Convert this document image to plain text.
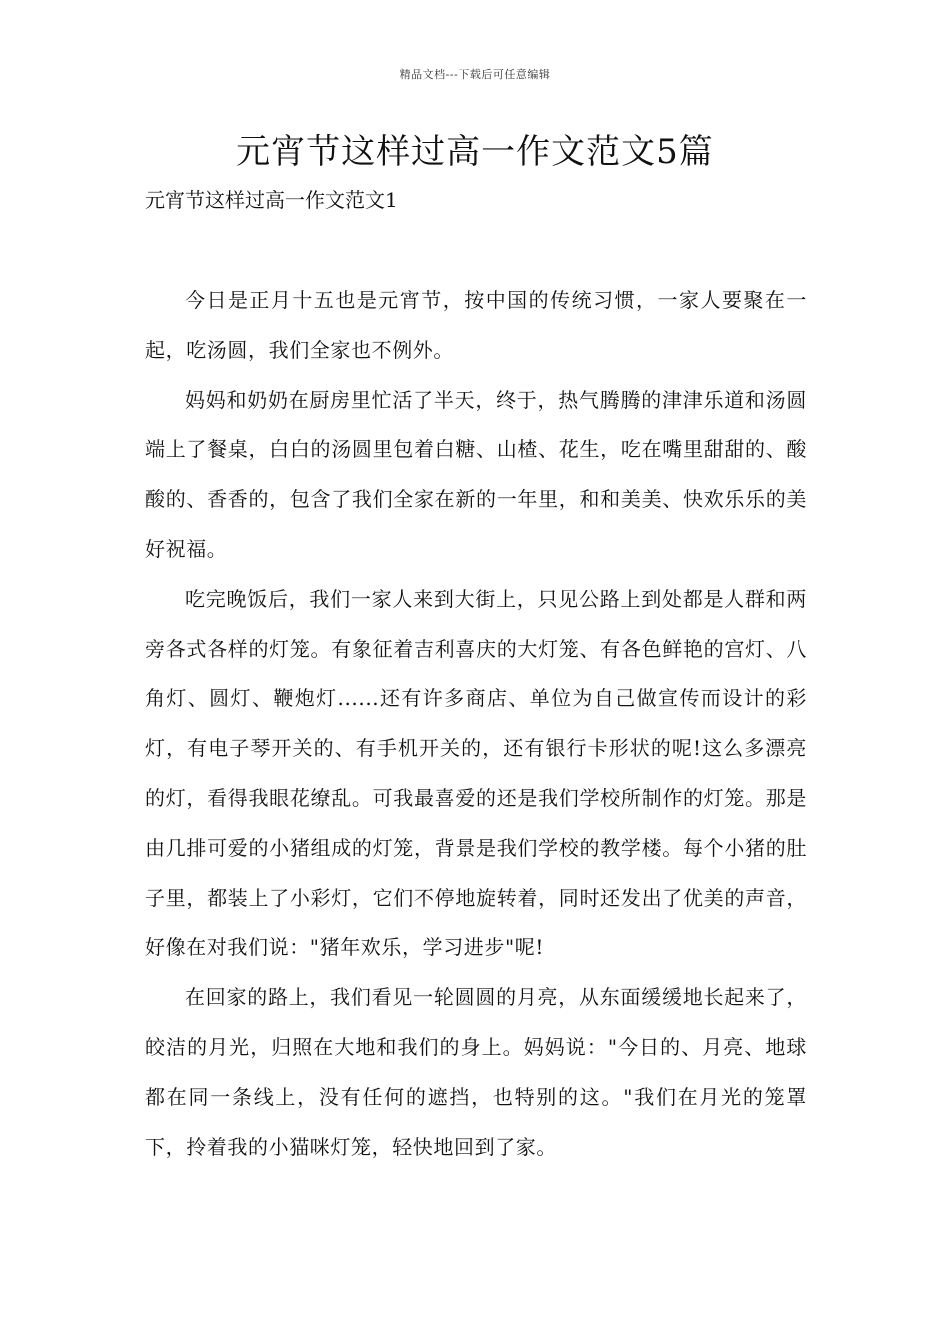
精品文档---下载后可任意编辑
元宵节这样过高一作文范文5篇
元宵节这样过高一作文范文1

今日是正月十五也是元宵节，按中国的传统习惯，一家人要聚在一起，吃汤圆，我们全家也不例外。

妈妈和奶奶在厨房里忙活了半天，终于，热气腾腾的津津乐道和汤圆端上了餐桌，白白的汤圆里包着白糖、山楂、花生，吃在嘴里甜甜的、酸酸的、香香的，包含了我们全家在新的一年里，和和美美、快欢乐乐的美好祝福。

吃完晚饭后，我们一家人来到大街上，只见公路上到处都是人群和两旁各式各样的灯笼。有象征着吉利喜庆的大灯笼、有各色鲜艳的宫灯、八角灯、圆灯、鞭炮灯......还有许多商店、单位为自己做宣传而设计的彩灯，有电子琴开关的、有手机开关的，还有银行卡形状的呢!这么多漂亮的灯，看得我眼花缭乱。可我最喜爱的还是我们学校所制作的灯笼。那是由几排可爱的小猪组成的灯笼，背景是我们学校的教学楼。每个小猪的肚子里，都装上了小彩灯，它们不停地旋转着，同时还发出了优美的声音，好像在对我们说："猪年欢乐，学习进步"呢!

在回家的路上，我们看见一轮圆圆的月亮，从东面缓缓地长起来了，皎洁的月光，归照在大地和我们的身上。妈妈说："今日的、月亮、地球都在同一条线上，没有任何的遮挡，也特别的这。"我们在月光的笼罩下，拎着我的小猫咪灯笼，轻快地回到了家。
